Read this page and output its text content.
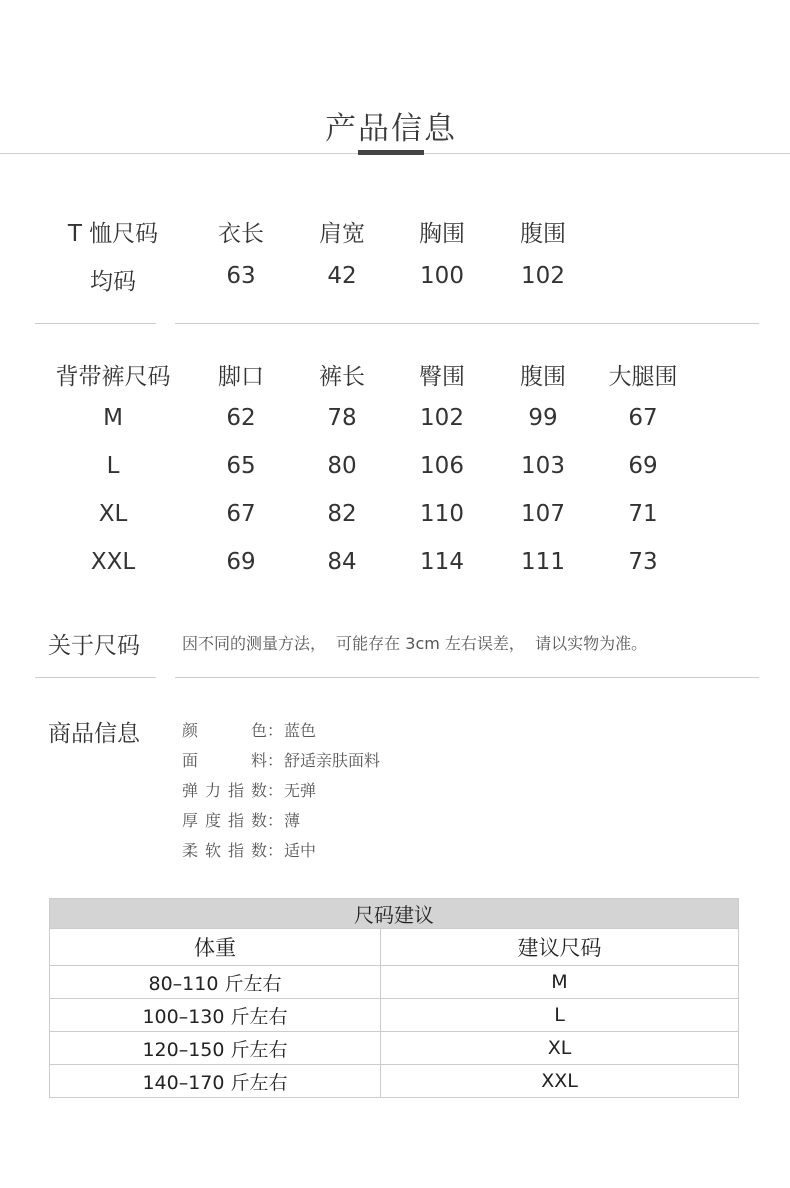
产品信息
T 恤尺码	衣长	肩宽	胸围	腹围
均码	63	42	100	102
背带裤尺码	脚口	裤长	臀围	腹围	大腿围
M	62	78	102	99	67
L	65	80	106	103	69
XL	67	82	110	107	71
XXL	69	84	114	111	73
关于尺码	因不同的测量方法，  可能存在 3cm 左右误差，  请以实物为准。
商品信息	颜色 ： 蓝色
面料 ： 舒适亲肤面料
弹力指数 ： 无弹
厚度指数 ： 薄
柔软指数 ： 适中
尺码建议	
体重	建议尺码
80–110 斤左右	M
100–130 斤左右	L
120–150 斤左右	XL
140–170 斤左右	XXL
